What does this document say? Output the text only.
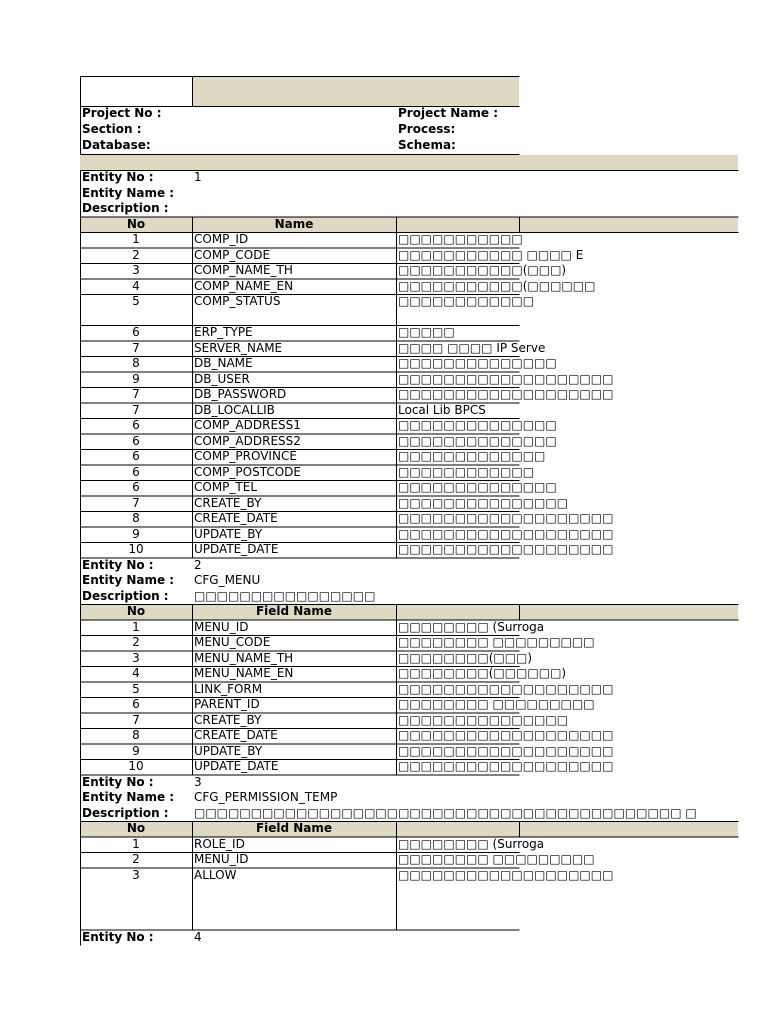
Project No :	Project Name :
Section :	Process:
Database:	Schema:
Entity No :	1
Entity Name :
Description :
No	Name
1	COMP_ID	□□□□□□□□□□□
2	COMP_CODE	□□□□□□□□□□□ □□□□ E
3	COMP_NAME_TH	□□□□□□□□□□□(□□□)
4	COMP_NAME_EN	□□□□□□□□□□□(□□□□□□
5	COMP_STATUS	□□□□□□□□□□□□
6	ERP_TYPE	□□□□□
7	SERVER_NAME	□□□□ □□□□ IP Serve
8	DB_NAME	□□□□□□□□□□□□□□
9	DB_USER	□□□□□□□□□□□□□□□□□□□
7	DB_PASSWORD	□□□□□□□□□□□□□□□□□□□
7	DB_LOCALLIB	Local Lib BPCS
6	COMP_ADDRESS1	□□□□□□□□□□□□□□
6	COMP_ADDRESS2	□□□□□□□□□□□□□□
6	COMP_PROVINCE	□□□□□□□□□□□□□
6	COMP_POSTCODE	□□□□□□□□□□□□
6	COMP_TEL	□□□□□□□□□□□□□□
7	CREATE_BY	□□□□□□□□□□□□□□□
8	CREATE_DATE	□□□□□□□□□□□□□□□□□□□
9	UPDATE_BY	□□□□□□□□□□□□□□□□□□□
10	UPDATE_DATE	□□□□□□□□□□□□□□□□□□□
Entity No :	2
Entity Name :	CFG_MENU
Description :	□□□□□□□□□□□□□□□□
No	Field Name
1	MENU_ID	□□□□□□□□ (Surroga
2	MENU_CODE	□□□□□□□□ □□□□□□□□□
3	MENU_NAME_TH	□□□□□□□□(□□□)
4	MENU_NAME_EN	□□□□□□□□(□□□□□□)
5	LINK_FORM	□□□□□□□□□□□□□□□□□□□
6	PARENT_ID	□□□□□□□□ □□□□□□□□□
7	CREATE_BY	□□□□□□□□□□□□□□□
8	CREATE_DATE	□□□□□□□□□□□□□□□□□□□
9	UPDATE_BY	□□□□□□□□□□□□□□□□□□□
10	UPDATE_DATE	□□□□□□□□□□□□□□□□□□□
Entity No :	3
Entity Name :	CFG_PERMISSION_TEMP
Description :	□□□□□□□□□□□□□□□□□□□□□□□□□□□□□□□□□□□□□□□□□□□ □
No	Field Name
1	ROLE_ID	□□□□□□□□ (Surroga
2	MENU_ID	□□□□□□□□ □□□□□□□□□
3	ALLOW	□□□□□□□□□□□□□□□□□□□
Entity No :	4
